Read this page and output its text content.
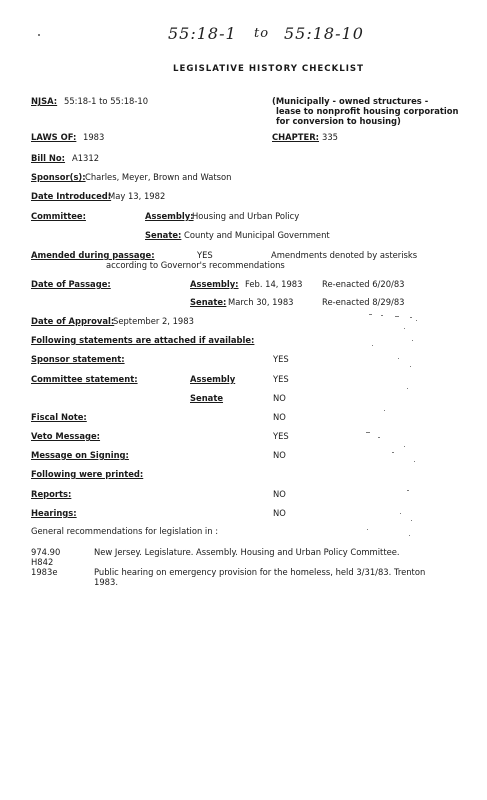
55:18-1 to 55:18-10
LEGISLATIVE HISTORY CHECKLIST
NJSA: 55:18-1 to 55:18-10	(Municipally - owned structures -
lease to nonprofit housing corporation
for conversion to housing)
LAWS OF: 1983	CHAPTER: 335
Bill No: A1312
Sponsor(s): Charles, Meyer, Brown and Watson
Date Introduced:
May 13, 1982
Committee:	Assembly:
Housing and Urban Policy
Senate: County and Municipal Government
Amended during passage:	YES	Amendments denoted by asterisks
according to Governor's recommendations
Date of Passage:	Assembly: Feb. 14, 1983 Re-enacted 6/20/83
Senate: March 30, 1983	Re-enacted 8/29/83
Date of Approval:
September 2, 1983
Following statements are attached if available:
Sponsor statement:	YES
Committee statement:	Assembly	YES
Senate	NO
Fiscal Note:	NO
Veto Message:	YES
Message on Signing:	NO
Following were printed:
Reports:	NO
Hearings:	NO
General recommendations for legislation in :
974.90	New Jersey. Legislature. Assembly. Housing and Urban Policy Committee.
H842
1983e	Public hearing on emergency provision for the homeless, held 3/31/83. Trenton
1983.
